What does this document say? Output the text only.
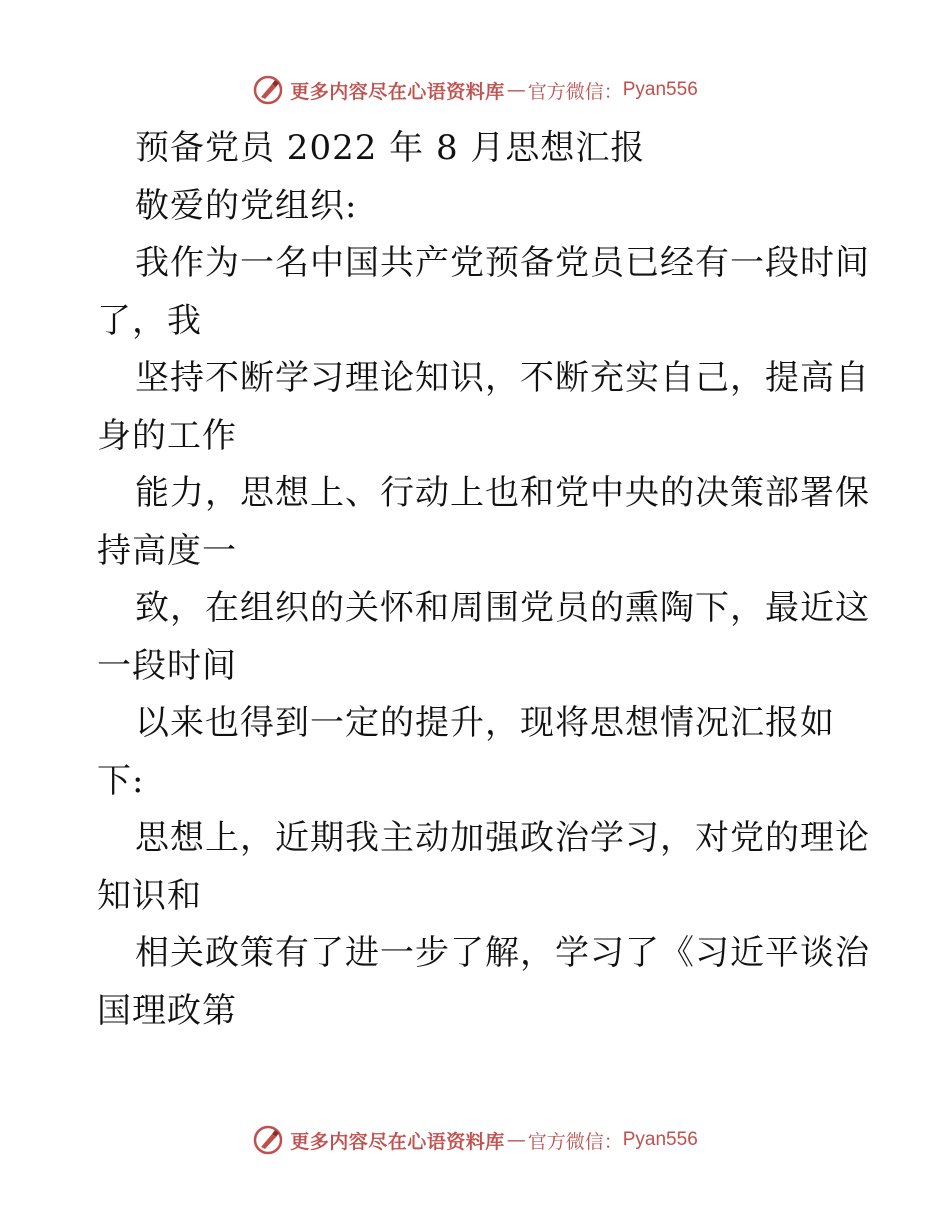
更多内容尽在心语资料库 — 官方微信： Pyan556
预备党员 2022 年 8 月思想汇报
敬爱的党组织:
我作为一名中国共产党预备党员已经有一段时间
了，我
坚持不断学习理论知识，不断充实自己，提高自
身的工作
能力，思想上、行动上也和党中央的决策部署保
持高度一
致，在组织的关怀和周围党员的熏陶下，最近这
一段时间
以来也得到一定的提升，现将思想情况汇报如
下:
思想上，近期我主动加强政治学习，对党的理论
知识和
相关政策有了进一步了解，学习了《习近平谈治
国理政第
更多内容尽在心语资料库 — 官方微信： Pyan556
